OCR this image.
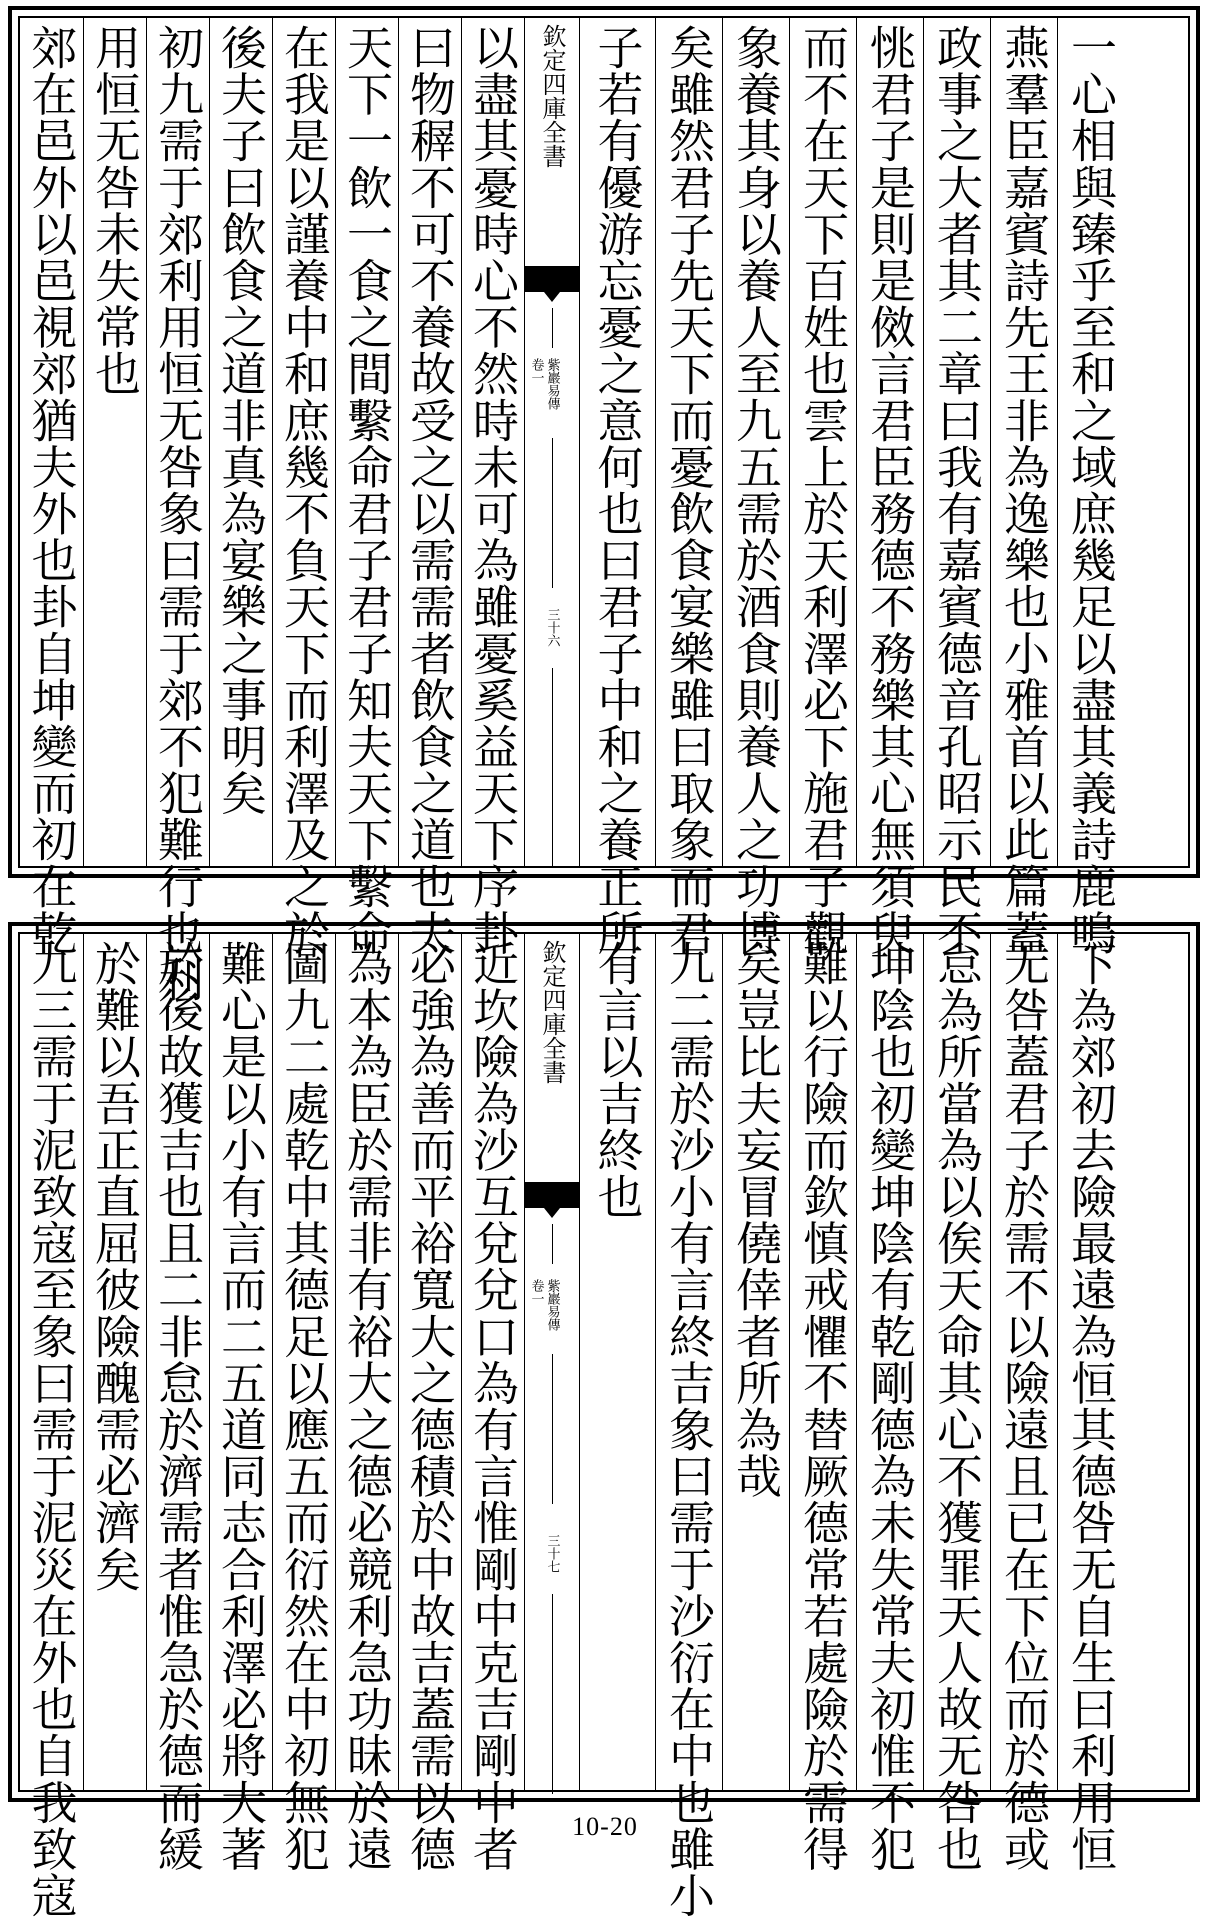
郊在邑外以邑視郊猶夫外也卦自坤變而初在乾 用恒无咎未失常也 初九需于郊利用恒无咎象曰需于郊不犯難行也利 後夫子曰飲食之道非真為宴樂之事明矣 在我是以謹養中和庶幾不負天下而利澤及之於 天下一飲一食之間繫命君子君子知夫天下繫命 曰物稺不可不養故受之以需需者飲食之道也夫 以盡其憂時心不然時未可為雖憂奚益天下序卦 欽定四庫全書
紫巖易傳
卷一
三十六 子若有優游忘憂之意何也曰君子中和之養正所 矣雖然君子先天下而憂飲食宴樂雖曰取象而君 象養其身以養人至九五需於酒食則養人之功博 而不在天下百姓也雲上於天利澤必下施君子觀 恌君子是則是傚言君臣務德不務樂其心無須臾 政事之大者其二章曰我有嘉賓德音孔昭示民不 燕羣臣嘉賓詩先王非為逸樂也小雅首以此篇蓋 一心相與臻乎至和之域庶幾足以盡其義詩鹿鳴
九三需于泥致寇至象曰需于泥災在外也自我致寇 於難以吾正直屈彼險醜需必濟矣 於後故獲吉也且二非怠於濟需者惟急於德而緩 難心是以小有言而二五道同志合利澤必將大著 圖九二處乾中其德足以應五而衍然在中初無犯 為本為臣於需非有裕大之德必競利急功昧於遠 必強為善而平裕寬大之德積於中故吉蓋需以德 近坎險為沙互兌兌口為有言惟剛中克吉剛中者 欽定四庫全書
紫巖易傳
卷一
三十七
有言以吉終也 九二需於沙小有言終吉象曰需于沙衍在中也雖小 矣豈比夫妄冒僥倖者所為哉 難以行險而欽慎戒懼不替厥德常若處險於需得 坤陰也初變坤陰有乾剛德為未失常夫初惟不犯 怠為所當為以俟天命其心不獲罪天人故无咎也 无咎蓋君子於需不以險遠且已在下位而於德或 下為郊初去險最遠為恒其德咎无自生曰利用恒
10-20
